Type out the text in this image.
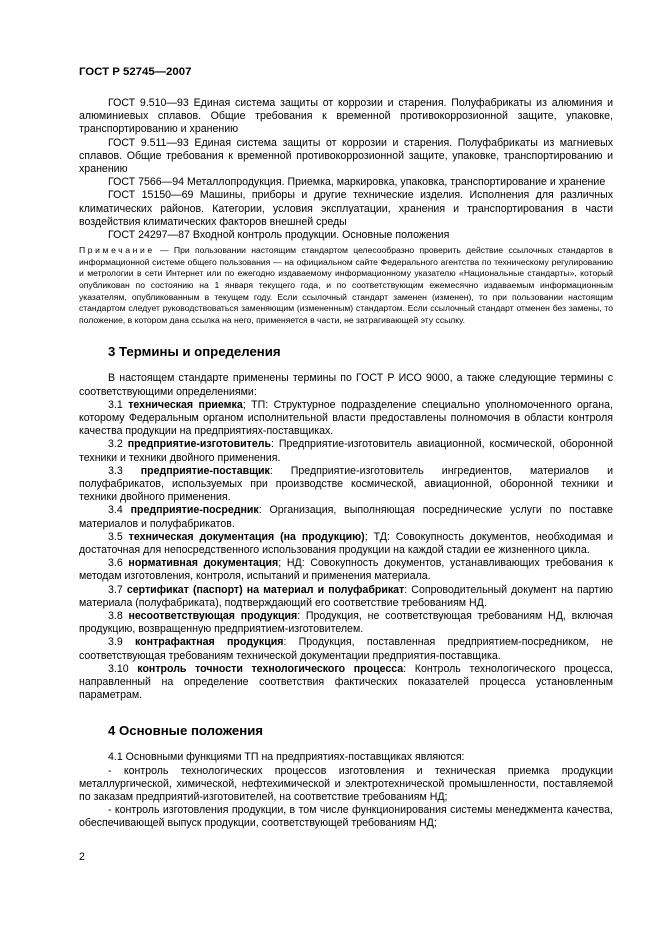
ГОСТ Р 52745—2007

ГОСТ 9.510—93 Единая система защиты от коррозии и старения. Полуфабрикаты из алюминия и алюминиевых сплавов. Общие требования к временной противокоррозионной защите, упаковке, транспортированию и хранению

ГОСТ 9.511—93 Единая система защиты от коррозии и старения. Полуфабрикаты из магниевых сплавов. Общие требования к временной противокоррозионной защите, упаковке, транспортированию и хранению

ГОСТ 7566—94 Металлопродукция. Приемка, маркировка, упаковка, транспортирование и хранение

ГОСТ 15150—69 Машины, приборы и другие технические изделия. Исполнения для различных климатических районов. Категории, условия эксплуатации, хранения и транспортирования в части воздействия климатических факторов внешней среды

ГОСТ 24297—87 Входной контроль продукции. Основные положения

Примечание — При пользовании настоящим стандартом целесообразно проверить действие ссылочных стандартов в информационной системе общего пользования — на официальном сайте Федерального агентства по техническому регулированию и метрологии в сети Интернет или по ежегодно издаваемому информационному указателю «Национальные стандарты», который опубликован по состоянию на 1 января текущего года, и по соответствующим ежемесячно издаваемым информационным указателям, опубликованным в текущем году. Если ссылочный стандарт заменен (изменен), то при пользовании настоящим стандартом следует руководствоваться заменяющим (измененным) стандартом. Если ссылочный стандарт отменен без замены, то положение, в котором дана ссылка на него, применяется в части, не затрагивающей эту ссылку.

3 Термины и определения

В настоящем стандарте применены термины по ГОСТ Р ИСО 9000, а также следующие термины с соответствующими определениями:

3.1 техническая приемка; ТП: Структурное подразделение специально уполномоченного органа, которому Федеральным органом исполнительной власти предоставлены полномочия в области контроля качества продукции на предприятиях-поставщиках.

3.2 предприятие-изготовитель: Предприятие-изготовитель авиационной, космической, оборонной техники и техники двойного применения.

3.3 предприятие-поставщик: Предприятие-изготовитель ингредиентов, материалов и полуфабрикатов, используемых при производстве космической, авиационной, оборонной техники и техники двойного применения.

3.4 предприятие-посредник: Организация, выполняющая посреднические услуги по поставке материалов и полуфабрикатов.

3.5 техническая документация (на продукцию); ТД: Совокупность документов, необходимая и достаточная для непосредственного использования продукции на каждой стадии ее жизненного цикла.

3.6 нормативная документация; НД: Совокупность документов, устанавливающих требования к методам изготовления, контроля, испытаний и применения материала.

3.7 сертификат (паспорт) на материал и полуфабрикат: Сопроводительный документ на партию материала (полуфабриката), подтверждающий его соответствие требованиям НД.

3.8 несоответствующая продукция: Продукция, не соответствующая требованиям НД, включая продукцию, возвращенную предприятием-изготовителем.

3.9 контрафактная продукция: Продукция, поставленная предприятием-посредником, не соответствующая требованиям технической документации предприятия-поставщика.

3.10 контроль точности технологического процесса: Контроль технологического процесса, направленный на определение соответствия фактических показателей процесса установленным параметрам.

4 Основные положения

4.1 Основными функциями ТП на предприятиях-поставщиках являются:

- контроль технологических процессов изготовления и техническая приемка продукции металлургической, химической, нефтехимической и электротехнической промышленности, поставляемой по заказам предприятий-изготовителей, на соответствие требованиям НД;

- контроль изготовления продукции, в том числе функционирования системы менеджмента качества, обеспечивающей выпуск продукции, соответствующей требованиям НД;

2
